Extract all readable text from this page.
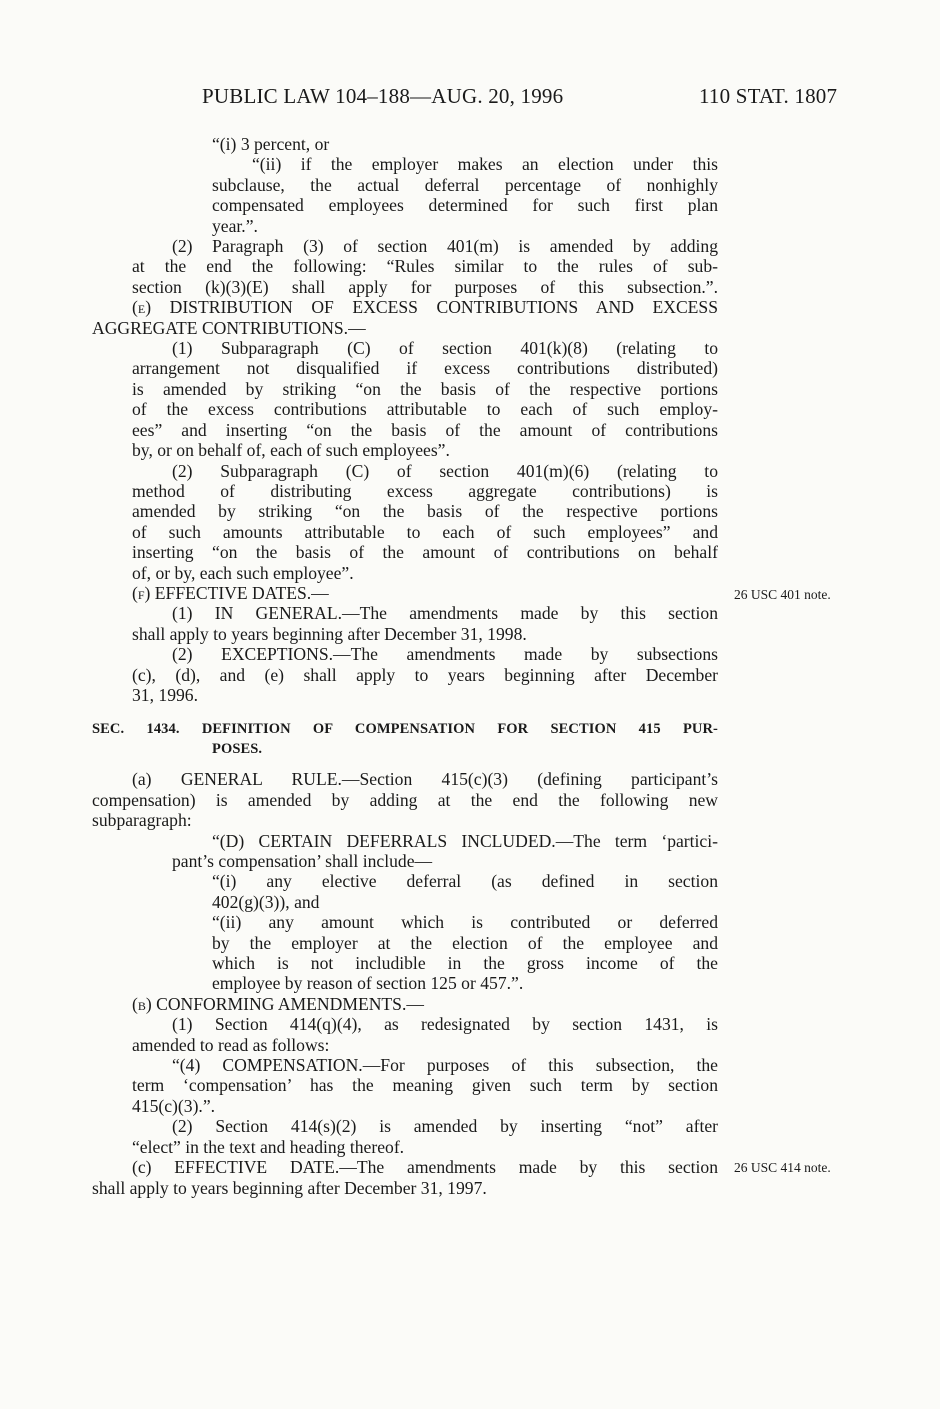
PUBLIC LAW 104–188—AUG. 20, 1996	110 STAT. 1807
26 USC 401 note.
26 USC 414 note.
“(i) 3 percent, or
“(ii) if the employer makes an election under this
subclause, the actual deferral percentage of nonhighly
compensated employees determined for such first plan
year.”.
(2) Paragraph (3) of section 401(m) is amended by adding
at the end the following: “Rules similar to the rules of sub-
section (k)(3)(E) shall apply for purposes of this subsection.”.
(e) DISTRIBUTION OF EXCESS CONTRIBUTIONS AND EXCESS
AGGREGATE CONTRIBUTIONS.—
(1) Subparagraph (C) of section 401(k)(8) (relating to
arrangement not disqualified if excess contributions distributed)
is amended by striking “on the basis of the respective portions
of the excess contributions attributable to each of such employ-
ees” and inserting “on the basis of the amount of contributions
by, or on behalf of, each of such employees”.
(2) Subparagraph (C) of section 401(m)(6) (relating to
method of distributing excess aggregate contributions) is
amended by striking “on the basis of the respective portions
of such amounts attributable to each of such employees” and
inserting “on the basis of the amount of contributions on behalf
of, or by, each such employee”.
(f) EFFECTIVE DATES.—
(1) IN GENERAL.—The amendments made by this section
shall apply to years beginning after December 31, 1998.
(2) EXCEPTIONS.—The amendments made by subsections
(c), (d), and (e) shall apply to years beginning after December
31, 1996.
SEC. 1434. DEFINITION OF COMPENSATION FOR SECTION 415 PUR-
POSES.
(a) GENERAL RULE.—Section 415(c)(3) (defining participant’s
compensation) is amended by adding at the end the following new
subparagraph:
“(D) CERTAIN DEFERRALS INCLUDED.—The term ‘partici-
pant’s compensation’ shall include—
“(i) any elective deferral (as defined in section
402(g)(3)), and
“(ii) any amount which is contributed or deferred
by the employer at the election of the employee and
which is not includible in the gross income of the
employee by reason of section 125 or 457.”.
(b) CONFORMING AMENDMENTS.—
(1) Section 414(q)(4), as redesignated by section 1431, is
amended to read as follows:
“(4) COMPENSATION.—For purposes of this subsection, the
term ‘compensation’ has the meaning given such term by section
415(c)(3).”.
(2) Section 414(s)(2) is amended by inserting “not” after
“elect” in the text and heading thereof.
(c) EFFECTIVE DATE.—The amendments made by this section
shall apply to years beginning after December 31, 1997.
